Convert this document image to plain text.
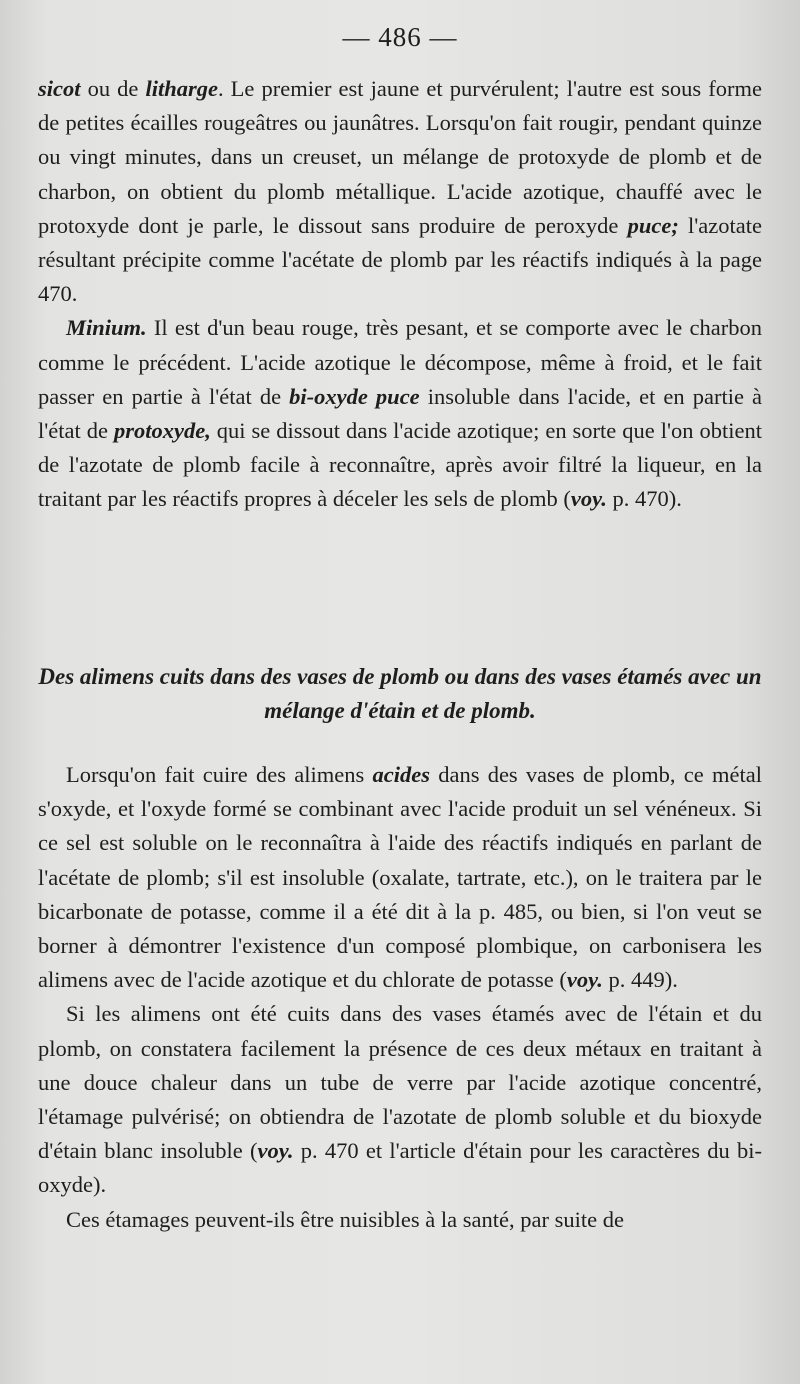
— 486 —

sicot ou de litharge. Le premier est jaune et purvérulent; l'autre est sous forme de petites écailles rougeâtres ou jaunâtres. Lorsqu'on fait rougir, pendant quinze ou vingt minutes, dans un creuset, un mélange de protoxyde de plomb et de charbon, on obtient du plomb métallique. L'acide azotique, chauffé avec le protoxyde dont je parle, le dissout sans produire de peroxyde puce; l'azotate résultant précipite comme l'acétate de plomb par les réactifs indiqués à la page 470.

Minium. Il est d'un beau rouge, très pesant, et se comporte avec le charbon comme le précédent. L'acide azotique le décompose, même à froid, et le fait passer en partie à l'état de bi-oxyde puce insoluble dans l'acide, et en partie à l'état de protoxyde, qui se dissout dans l'acide azotique; en sorte que l'on obtient de l'azotate de plomb facile à reconnaître, après avoir filtré la liqueur, en la traitant par les réactifs propres à déceler les sels de plomb (voy. p. 470).

Des alimens cuits dans des vases de plomb ou dans des vases étamés avec un mélange d'étain et de plomb.

Lorsqu'on fait cuire des alimens acides dans des vases de plomb, ce métal s'oxyde, et l'oxyde formé se combinant avec l'acide produit un sel vénéneux. Si ce sel est soluble on le reconnaîtra à l'aide des réactifs indiqués en parlant de l'acétate de plomb; s'il est insoluble (oxalate, tartrate, etc.), on le traitera par le bicarbonate de potasse, comme il a été dit à la p. 485, ou bien, si l'on veut se borner à démontrer l'existence d'un composé plombique, on carbonisera les alimens avec de l'acide azotique et du chlorate de potasse (voy. p. 449).

Si les alimens ont été cuits dans des vases étamés avec de l'étain et du plomb, on constatera facilement la présence de ces deux métaux en traitant à une douce chaleur dans un tube de verre par l'acide azotique concentré, l'étamage pulvérisé; on obtiendra de l'azotate de plomb soluble et du bioxyde d'étain blanc insoluble (voy. p. 470 et l'article d'étain pour les caractères du bi-oxyde).

Ces étamages peuvent-ils être nuisibles à la santé, par suite de
